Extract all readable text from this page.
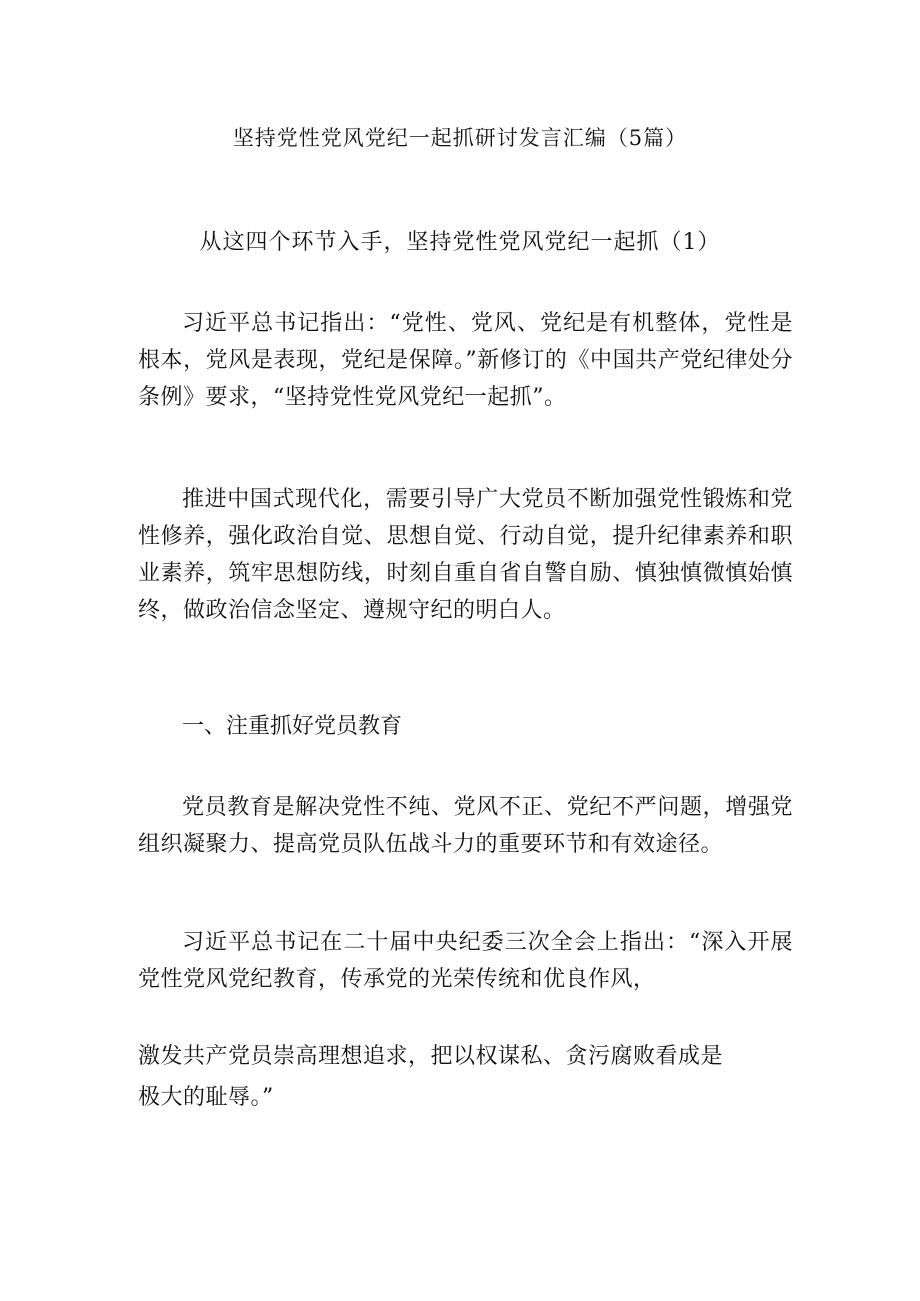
坚持党性党风党纪一起抓研讨发言汇编（5篇）
从这四个环节入手，坚持党性党风党纪一起抓（1）

习近平总书记指出：“党性、党风、党纪是有机整体，党性是根本，党风是表现，党纪是保障。”新修订的《中国共产党纪律处分条例》要求，“坚持党性党风党纪一起抓”。

推进中国式现代化，需要引导广大党员不断加强党性锻炼和党性修养，强化政治自觉、思想自觉、行动自觉，提升纪律素养和职业素养，筑牢思想防线，时刻自重自省自警自励、慎独慎微慎始慎终，做政治信念坚定、遵规守纪的明白人。

一、注重抓好党员教育

党员教育是解决党性不纯、党风不正、党纪不严问题，增强党组织凝聚力、提高党员队伍战斗力的重要环节和有效途径。

习近平总书记在二十届中央纪委三次全会上指出：“深入开展党性党风党纪教育，传承党的光荣传统和优良作风，

激发共产党员崇高理想追求，把以权谋私、贪污腐败看成是

极大的耻辱。”
